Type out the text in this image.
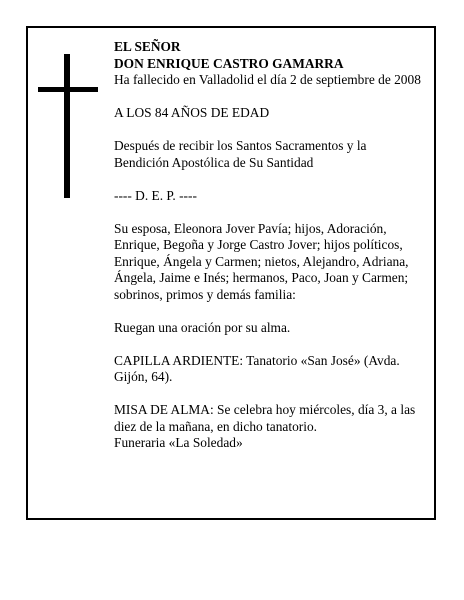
EL SEÑOR

DON ENRIQUE CASTRO GAMARRA

Ha fallecido en Valladolid el día 2 de septiembre de 2008

A LOS 84 AÑOS DE EDAD

Después de recibir los Santos Sacramentos y la Bendición Apostólica de Su Santidad

---- D. E. P. ----

Su esposa, Eleonora Jover Pavía; hijos, Adoración, Enrique, Begoña y Jorge Castro Jover; hijos políticos, Enrique, Ángela y Carmen; nietos, Alejandro, Adriana, Ángela, Jaime e Inés; hermanos, Paco, Joan y Carmen; sobrinos, primos y demás familia:

Ruegan una oración por su alma.

CAPILLA ARDIENTE: Tanatorio «San José» (Avda. Gijón, 64).

MISA DE ALMA: Se celebra hoy miércoles, día 3, a las diez de la mañana, en dicho tanatorio.

Funeraria «La Soledad»
